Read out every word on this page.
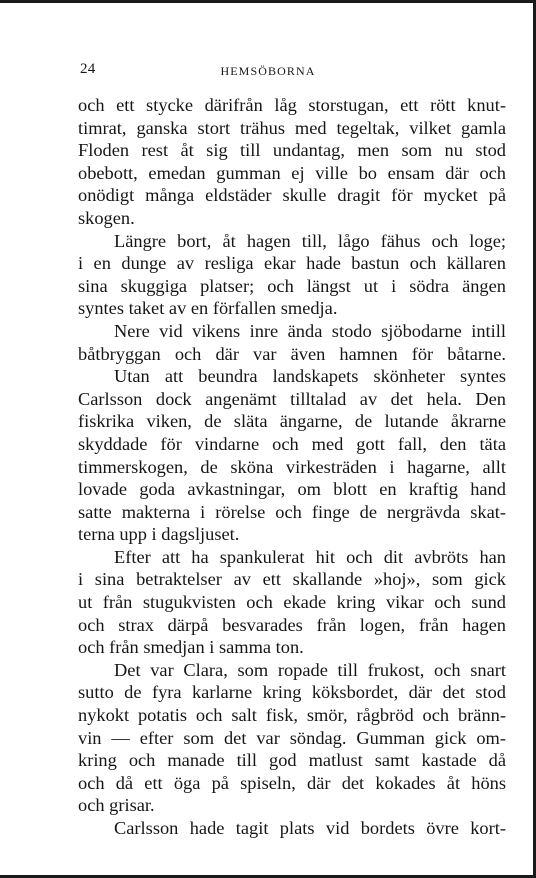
24	HEMSÖBORNA
och ett stycke därifrån låg storstugan, ett rött knut-
timrat, ganska stort trähus med tegeltak, vilket gamla
Floden rest åt sig till undantag, men som nu stod
obebott, emedan gumman ej ville bo ensam där och
onödigt många eldstäder skulle dragit för mycket på
skogen.
Längre bort, åt hagen till, lågo fähus och loge;
i en dunge av resliga ekar hade bastun och källaren
sina skuggiga platser; och längst ut i södra ängen
syntes taket av en förfallen smedja.
Nere vid vikens inre ända stodo sjöbodarne intill
båtbryggan och där var även hamnen för båtarne.
Utan att beundra landskapets skönheter syntes
Carlsson dock angenämt tilltalad av det hela. Den
fiskrika viken, de släta ängarne, de lutande åkrarne
skyddade för vindarne och med gott fall, den täta
timmerskogen, de sköna virkesträden i hagarne, allt
lovade goda avkastningar, om blott en kraftig hand
satte makterna i rörelse och finge de nergrävda skat-
terna upp i dagsljuset.
Efter att ha spankulerat hit och dit avbröts han
i sina betraktelser av ett skallande »hoj», som gick
ut från stugukvisten och ekade kring vikar och sund
och strax därpå besvarades från logen, från hagen
och från smedjan i samma ton.
Det var Clara, som ropade till frukost, och snart
sutto de fyra karlarne kring köksbordet, där det stod
nykokt potatis och salt fisk, smör, rågbröd och bränn-
vin — efter som det var söndag. Gumman gick om-
kring och manade till god matlust samt kastade då
och då ett öga på spiseln, där det kokades åt höns
och grisar.
Carlsson hade tagit plats vid bordets övre kort-
